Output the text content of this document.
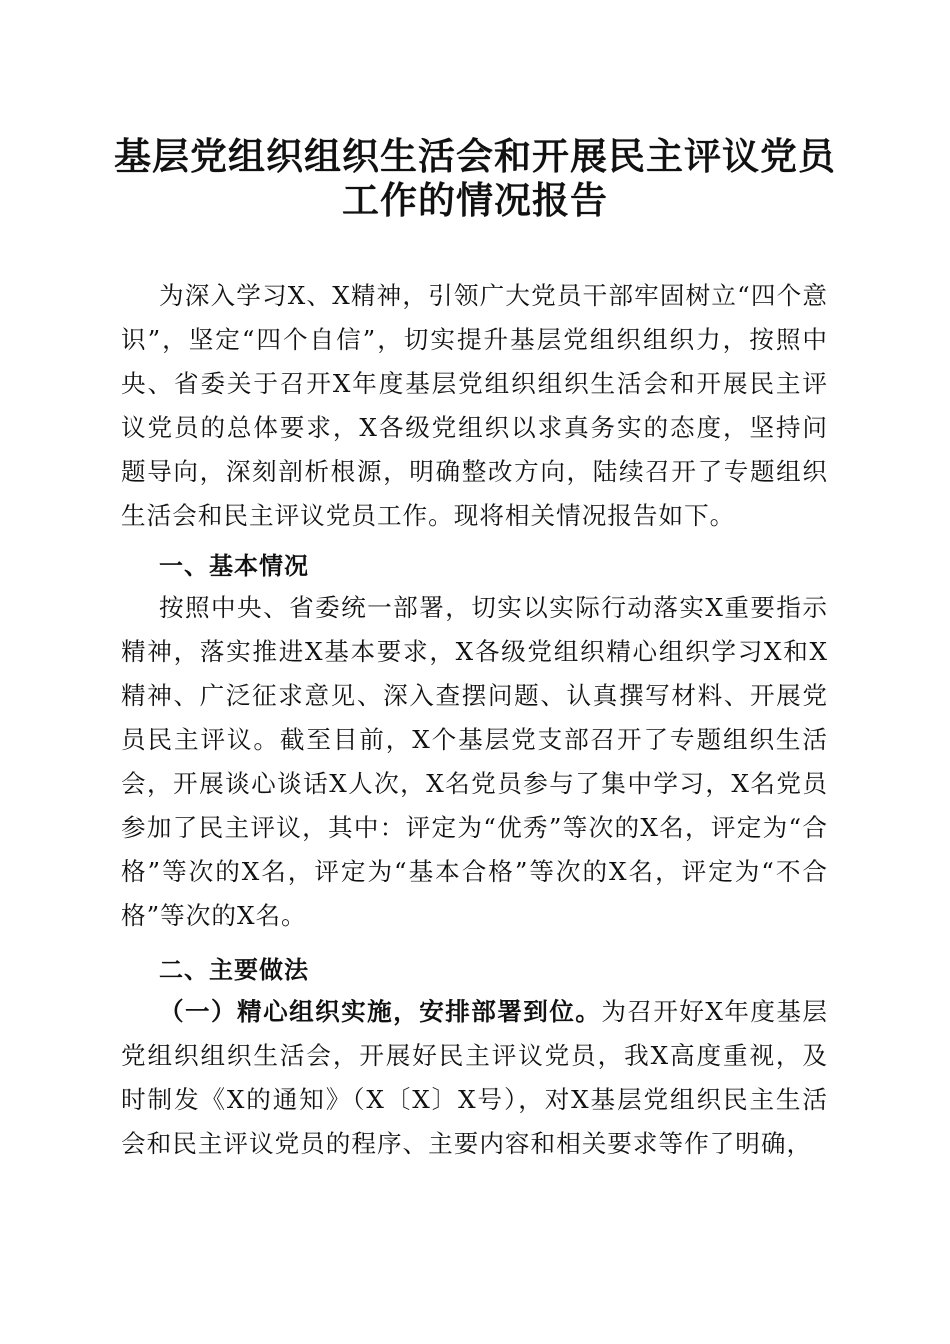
基层党组织组织生活会和开展民主评议党员工作的情况报告

为深入学习X、X精神，引领广大党员干部牢固树立“四个意识”，坚定“四个自信”，切实提升基层党组织组织力，按照中央、省委关于召开X年度基层党组织组织生活会和开展民主评议党员的总体要求，X各级党组织以求真务实的态度，坚持问题导向，深刻剖析根源，明确整改方向，陆续召开了专题组织生活会和民主评议党员工作。现将相关情况报告如下。

一、基本情况

按照中央、省委统一部署，切实以实际行动落实X重要指示精神，落实推进X基本要求，X各级党组织精心组织学习X和X精神、广泛征求意见、深入查摆问题、认真撰写材料、开展党员民主评议。截至目前，X个基层党支部召开了专题组织生活会，开展谈心谈话X人次，X名党员参与了集中学习，X名党员参加了民主评议，其中：评定为“优秀”等次的X名，评定为“合格”等次的X名，评定为“基本合格”等次的X名，评定为“不合格”等次的X名。

二、主要做法

（一）精心组织实施，安排部署到位。为召开好X年度基层党组织组织生活会，开展好民主评议党员，我X高度重视，及时制发《X的通知》（X〔X〕X号），对X基层党组织民主生活会和民主评议党员的程序、主要内容和相关要求等作了明确，
